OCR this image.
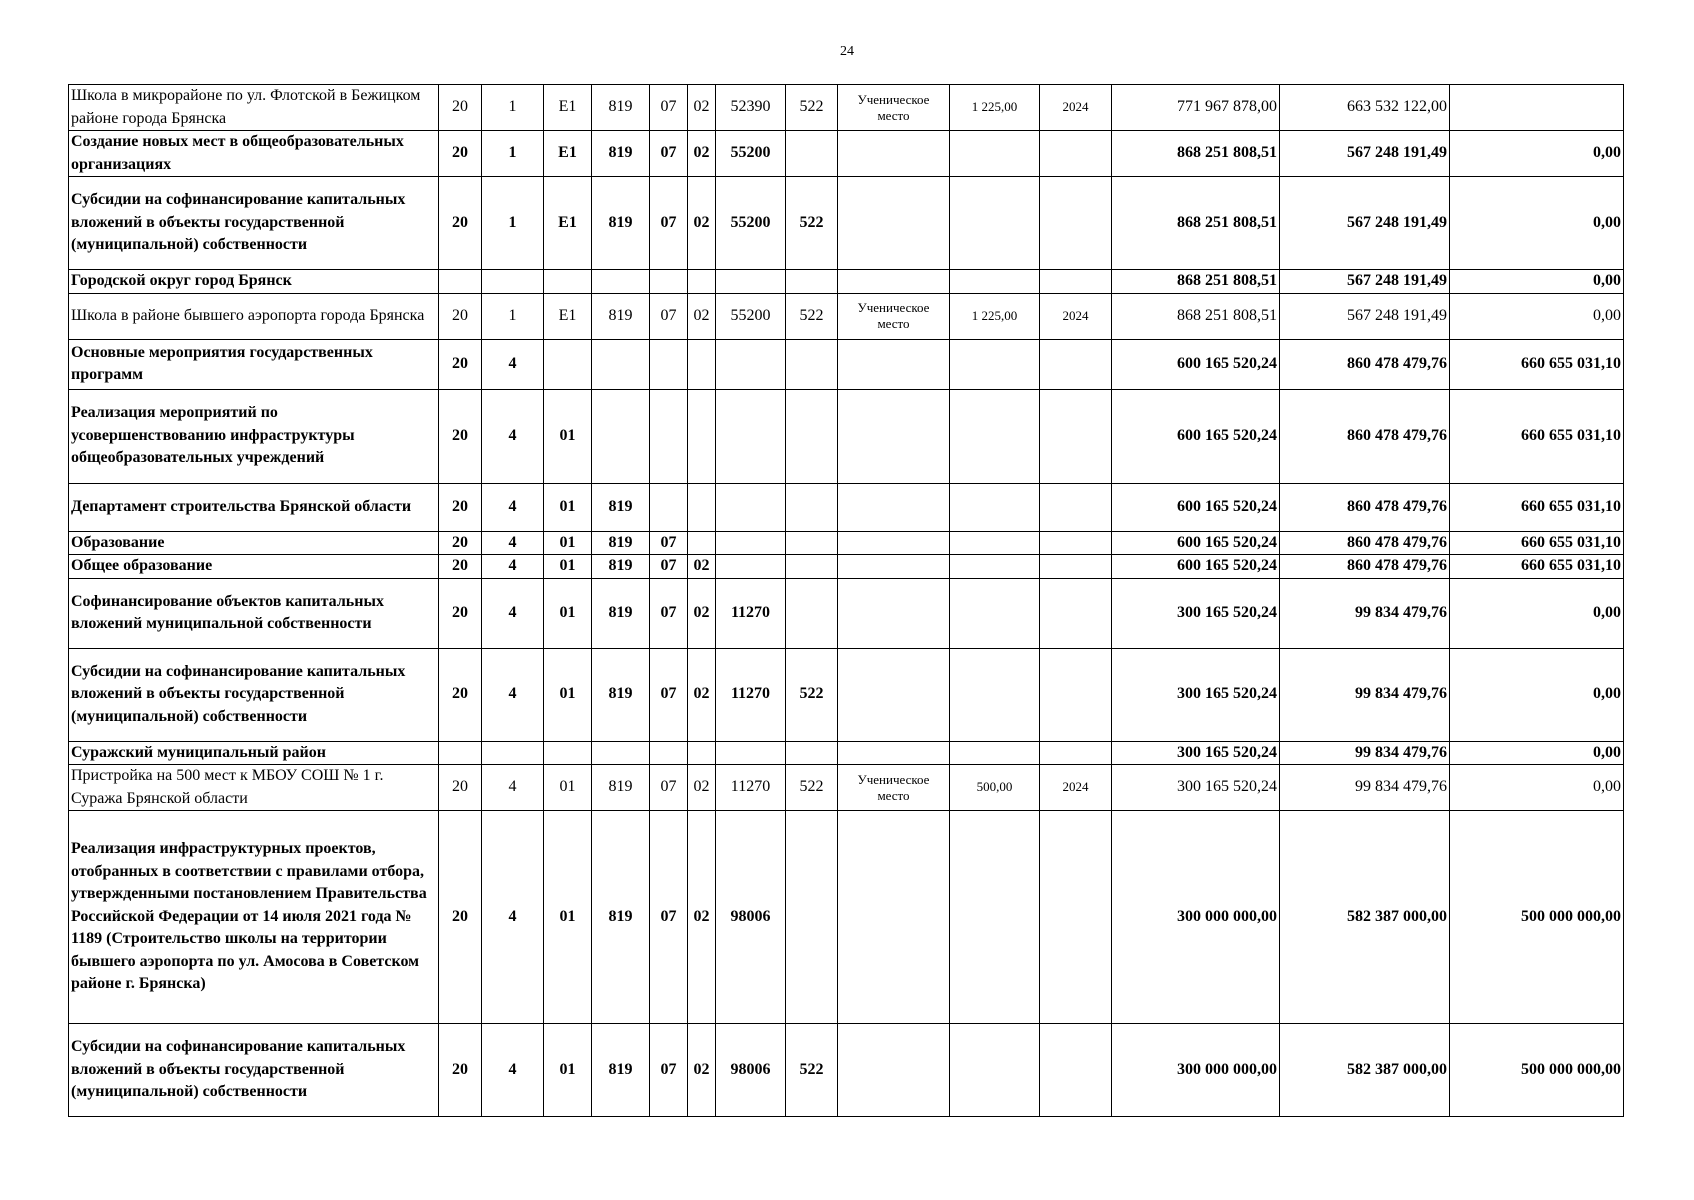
24
Школа в микрорайоне по ул. Флотской в Бежицком районе города Брянска	20	1	Е1	819	07	02	52390	522	Ученическое место	1 225,00	2024	771 967 878,00	663 532 122,00	
Создание новых мест в общеобразовательных организациях	20	1	Е1	819	07	02	55200					868 251 808,51	567 248 191,49	0,00
Субсидии на софинансирование капитальных вложений в объекты государственной (муниципальной) собственности	20	1	Е1	819	07	02	55200	522				868 251 808,51	567 248 191,49	0,00
Городской округ город Брянск												868 251 808,51	567 248 191,49	0,00
Школа в районе бывшего аэропорта города Брянска	20	1	Е1	819	07	02	55200	522	Ученическое место	1 225,00	2024	868 251 808,51	567 248 191,49	0,00
Основные мероприятия государственных программ	20	4										600 165 520,24	860 478 479,76	660 655 031,10
Реализация мероприятий по усовершенствованию инфраструктуры общеобразовательных учреждений	20	4	01									600 165 520,24	860 478 479,76	660 655 031,10
Департамент строительства Брянской области	20	4	01	819								600 165 520,24	860 478 479,76	660 655 031,10
Образование	20	4	01	819	07							600 165 520,24	860 478 479,76	660 655 031,10
Общее образование	20	4	01	819	07	02						600 165 520,24	860 478 479,76	660 655 031,10
Софинансирование объектов капитальных вложений муниципальной собственности	20	4	01	819	07	02	11270					300 165 520,24	99 834 479,76	0,00
Субсидии на софинансирование капитальных вложений в объекты государственной (муниципальной) собственности	20	4	01	819	07	02	11270	522				300 165 520,24	99 834 479,76	0,00
Суражский муниципальный район												300 165 520,24	99 834 479,76	0,00
Пристройка на 500 мест к МБОУ СОШ № 1 г. Суража Брянской области	20	4	01	819	07	02	11270	522	Ученическое место	500,00	2024	300 165 520,24	99 834 479,76	0,00
Реализация инфраструктурных проектов, отобранных в соответствии с правилами отбора, утвержденными постановлением Правительства Российской Федерации от 14 июля 2021 года № 1189 (Строительство школы на территории бывшего аэропорта по ул. Амосова в Советском районе г. Брянска)	20	4	01	819	07	02	98006					300 000 000,00	582 387 000,00	500 000 000,00
Субсидии на софинансирование капитальных вложений в объекты государственной (муниципальной) собственности	20	4	01	819	07	02	98006	522				300 000 000,00	582 387 000,00	500 000 000,00
